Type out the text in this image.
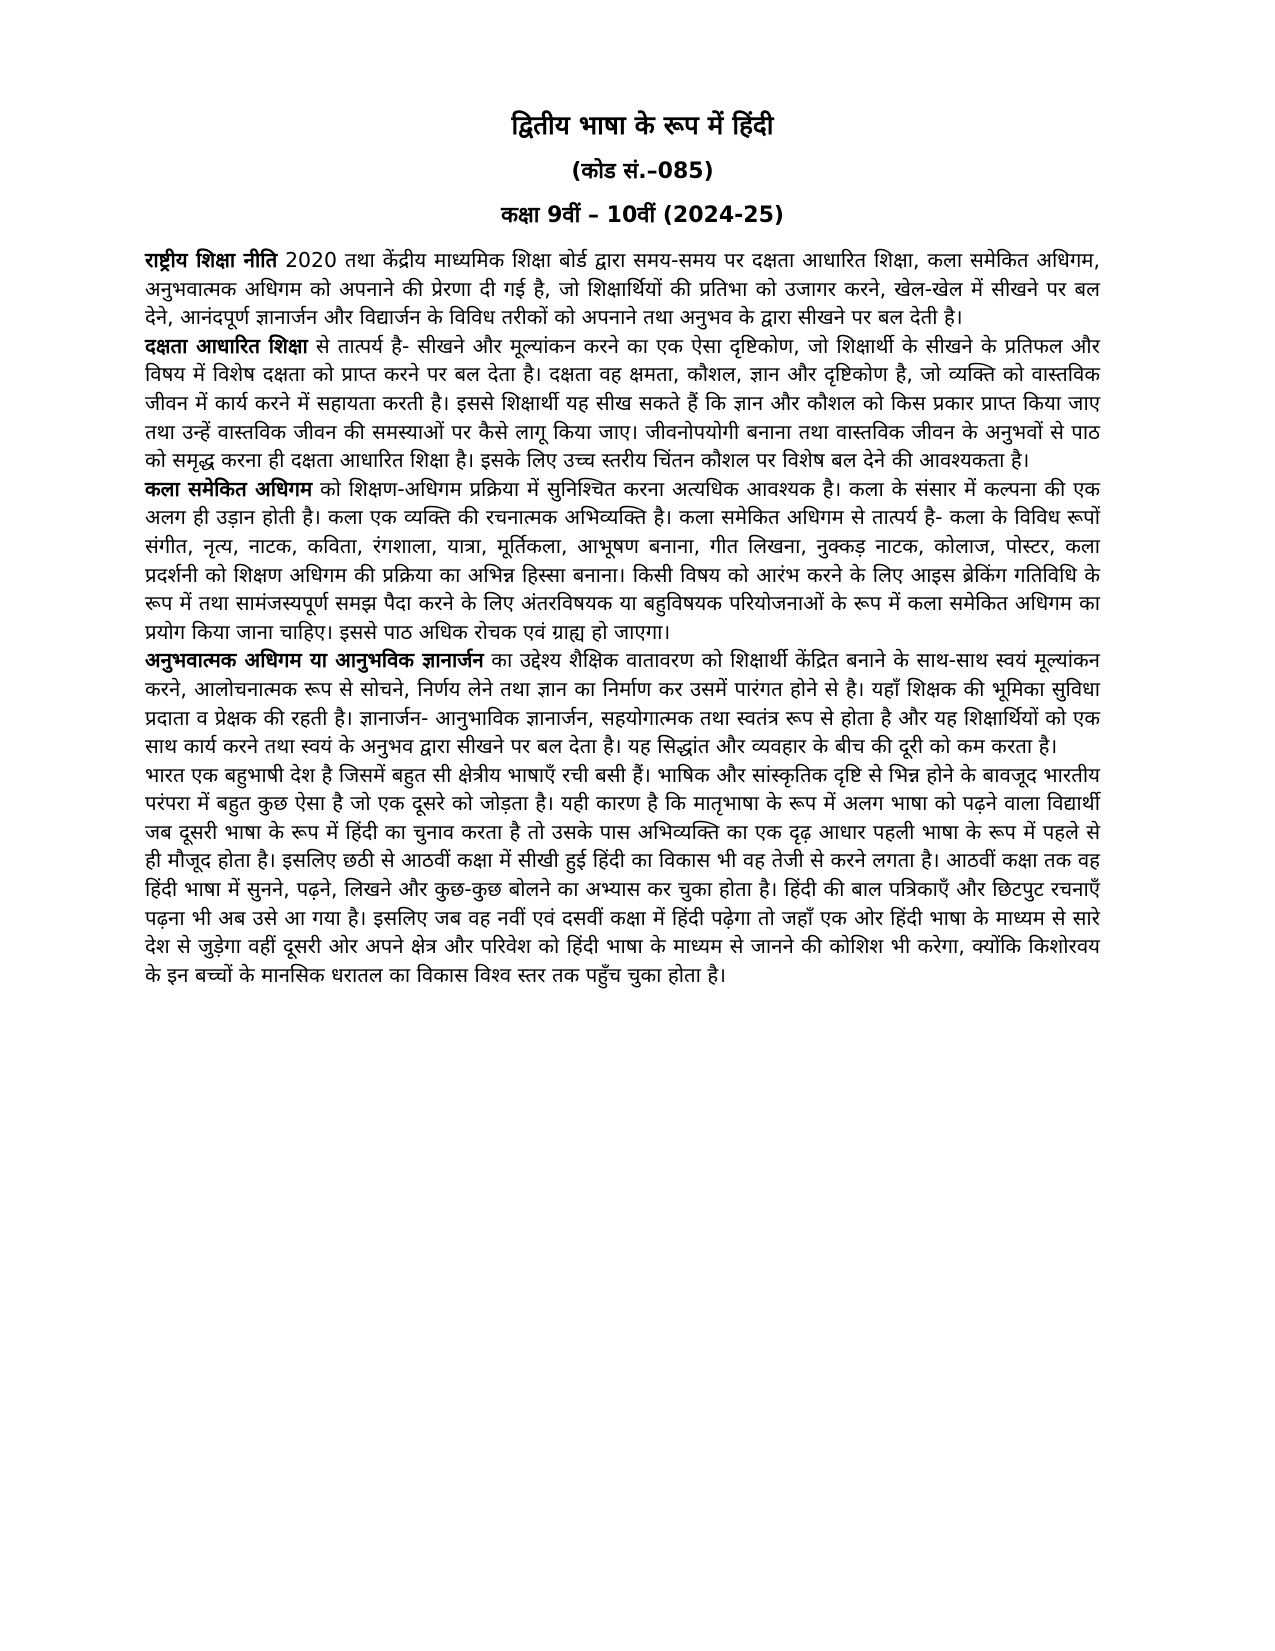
द्वितीय भाषा के रूप में हिंदी
(कोड सं.–085)
कक्षा 9वीं – 10वीं (2024-25)

राष्ट्रीय शिक्षा नीति 2020 तथा केंद्रीय माध्यमिक शिक्षा बोर्ड द्वारा समय-समय पर दक्षता आधारित शिक्षा, कला समेकित अधिगम, अनुभवात्मक अधिगम को अपनाने की प्रेरणा दी गई है, जो शिक्षार्थियों की प्रतिभा को उजागर करने, खेल-खेल में सीखने पर बल देने, आनंदपूर्ण ज्ञानार्जन और विद्यार्जन के विविध तरीकों को अपनाने तथा अनुभव के द्वारा सीखने पर बल देती है।

दक्षता आधारित शिक्षा से तात्पर्य है- सीखने और मूल्यांकन करने का एक ऐसा दृष्टिकोण, जो शिक्षार्थी के सीखने के प्रतिफल और विषय में विशेष दक्षता को प्राप्त करने पर बल देता है। दक्षता वह क्षमता, कौशल, ज्ञान और दृष्टिकोण है, जो व्यक्ति को वास्तविक जीवन में कार्य करने में सहायता करती है। इससे शिक्षार्थी यह सीख सकते हैं कि ज्ञान और कौशल को किस प्रकार प्राप्त किया जाए तथा उन्हें वास्तविक जीवन की समस्याओं पर कैसे लागू किया जाए। जीवनोपयोगी बनाना तथा वास्तविक जीवन के अनुभवों से पाठ को समृद्ध करना ही दक्षता आधारित शिक्षा है। इसके लिए उच्च स्तरीय चिंतन कौशल पर विशेष बल देने की आवश्यकता है।

कला समेकित अधिगम को शिक्षण-अधिगम प्रक्रिया में सुनिश्चित करना अत्यधिक आवश्यक है। कला के संसार में कल्पना की एक अलग ही उड़ान होती है। कला एक व्यक्ति की रचनात्मक अभिव्यक्ति है। कला समेकित अधिगम से तात्पर्य है- कला के विविध रूपों संगीत, नृत्य, नाटक, कविता, रंगशाला, यात्रा, मूर्तिकला, आभूषण बनाना, गीत लिखना, नुक्कड़ नाटक, कोलाज, पोस्टर, कला प्रदर्शनी को शिक्षण अधिगम की प्रक्रिया का अभिन्न हिस्सा बनाना। किसी विषय को आरंभ करने के लिए आइस ब्रेकिंग गतिविधि के रूप में तथा सामंजस्यपूर्ण समझ पैदा करने के लिए अंतरविषयक या बहुविषयक परियोजनाओं के रूप में कला समेकित अधिगम का प्रयोग किया जाना चाहिए। इससे पाठ अधिक रोचक एवं ग्राह्य हो जाएगा।

अनुभवात्मक अधिगम या आनुभविक ज्ञानार्जन का उद्देश्य शैक्षिक वातावरण को शिक्षार्थी केंद्रित बनाने के साथ-साथ स्वयं मूल्यांकन करने, आलोचनात्मक रूप से सोचने, निर्णय लेने तथा ज्ञान का निर्माण कर उसमें पारंगत होने से है। यहाँ शिक्षक की भूमिका सुविधा प्रदाता व प्रेक्षक की रहती है। ज्ञानार्जन- आनुभाविक ज्ञानार्जन, सहयोगात्मक तथा स्वतंत्र रूप से होता है और यह शिक्षार्थियों को एक साथ कार्य करने तथा स्वयं के अनुभव द्वारा सीखने पर बल देता है। यह सिद्धांत और व्यवहार के बीच की दूरी को कम करता है।

भारत एक बहुभाषी देश है जिसमें बहुत सी क्षेत्रीय भाषाएँ रची बसी हैं। भाषिक और सांस्कृतिक दृष्टि से भिन्न होने के बावजूद भारतीय परंपरा में बहुत कुछ ऐसा है जो एक दूसरे को जोड़ता है। यही कारण है कि मातृभाषा के रूप में अलग भाषा को पढ़ने वाला विद्यार्थी जब दूसरी भाषा के रूप में हिंदी का चुनाव करता है तो उसके पास अभिव्यक्ति का एक दृढ़ आधार पहली भाषा के रूप में पहले से ही मौजूद होता है। इसलिए छठी से आठवीं कक्षा में सीखी हुई हिंदी का विकास भी वह तेजी से करने लगता है। आठवीं कक्षा तक वह हिंदी भाषा में सुनने, पढ़ने, लिखने और कुछ-कुछ बोलने का अभ्यास कर चुका होता है। हिंदी की बाल पत्रिकाएँ और छिटपुट रचनाएँ पढ़ना भी अब उसे आ गया है। इसलिए जब वह नवीं एवं दसवीं कक्षा में हिंदी पढ़ेगा तो जहाँ एक ओर हिंदी भाषा के माध्यम से सारे देश से जुड़ेगा वहीं दूसरी ओर अपने क्षेत्र और परिवेश को हिंदी भाषा के माध्यम से जानने की कोशिश भी करेगा, क्योंकि किशोरवय के इन बच्चों के मानसिक धरातल का विकास विश्व स्तर तक पहुँच चुका होता है।
